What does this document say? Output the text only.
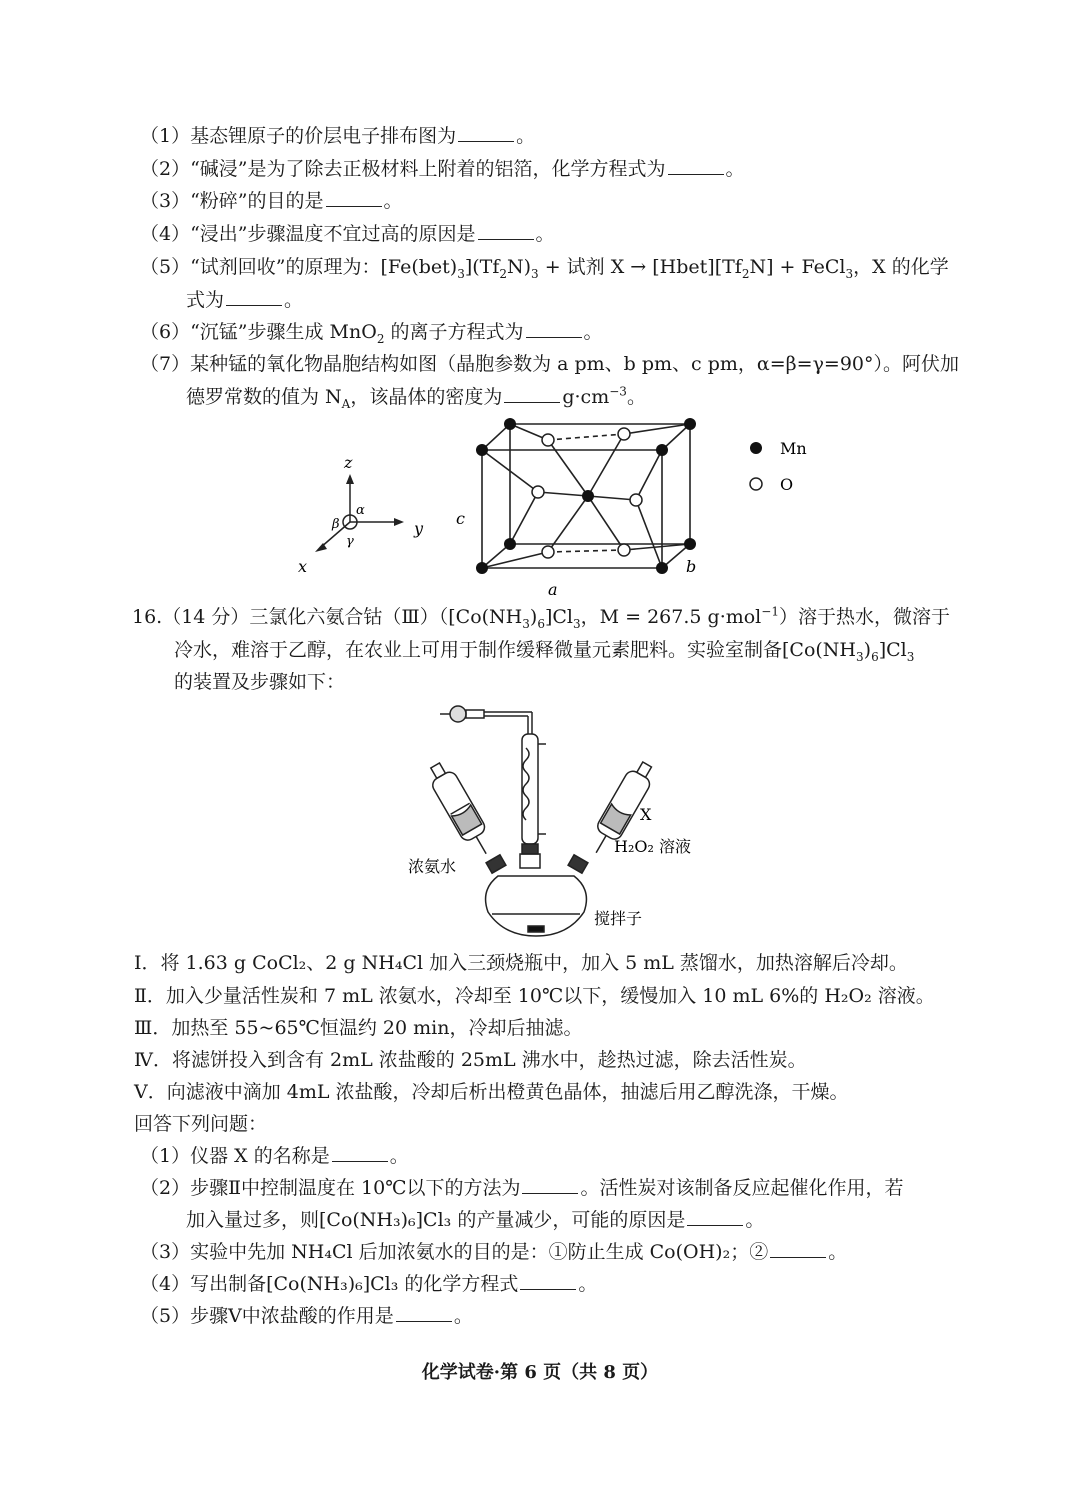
（1）基态锂原子的价层电子排布图为	。
（2）“碱浸”是为了除去正极材料上附着的铝箔，化学方程式为	。
（3）“粉碎”的目的是	。
（4）“浸出”步骤温度不宜过高的原因是	。
（5）“试剂回收”的原理为：$[Fe(bet)_3](Tf_2N)_3$ + 试剂 $X \to [Hbet][Tf_2N]$ + FeCl$_3$，X 的化学
式为	。
（6）“沉锰”步骤生成 MnO$_2$ 的离子方程式为	。
（7）某种锰的氧化物晶胞结构如图（晶胞参数为 a pm、b pm、c pm，α=β=γ=90°）。阿伏加
德罗常数的值为 $N_A$，该晶体的密度为	$g\cdot cm^{-3}$。
z
y
x
α
β
γ
c
a
b
Mn
O
16.（14 分）三氯化六氨合钴$(Ⅲ)([Co(NH_3)_6]Cl_3$，M = 267.5 g·mol$^{-1}$）溶于热水，微溶于
冷水，难溶于乙醇，在农业上可用于制作缓释微量元素肥料。实验室制备$[Co(NH_3)_6]Cl_3$
的装置及步骤如下：
浓氨水
X
H₂O₂ 溶液
搅拌子
Ⅰ．将 1.63 g CoCl₂、2 g NH₄Cl 加入三颈烧瓶中，加入 5 mL 蒸馏水，加热溶解后冷却。
Ⅱ．加入少量活性炭和 7 mL 浓氨水，冷却至 10℃以下，缓慢加入 10 mL 6%的 H₂O₂ 溶液。
Ⅲ．加热至 55~65℃恒温约 20 min，冷却后抽滤。
Ⅳ．将滤饼投入到含有 2mL 浓盐酸的 25mL 沸水中，趁热过滤，除去活性炭。
Ⅴ．向滤液中滴加 4mL 浓盐酸，冷却后析出橙黄色晶体，抽滤后用乙醇洗涤，干燥。
回答下列问题：
（1）仪器 X 的名称是	。
（2）步骤Ⅱ中控制温度在 10℃以下的方法为	。活性炭对该制备反应起催化作用，若
加入量过多，则[Co(NH₃)₆]Cl₃ 的产量减少，可能的原因是	。
（3）实验中先加 NH₄Cl 后加浓氨水的目的是：①防止生成 Co(OH)₂；②	。
（4）写出制备[Co(NH₃)₆]Cl₃ 的化学方程式	。
（5）步骤Ⅴ中浓盐酸的作用是	。
化学试卷·第 6 页（共 8 页）
